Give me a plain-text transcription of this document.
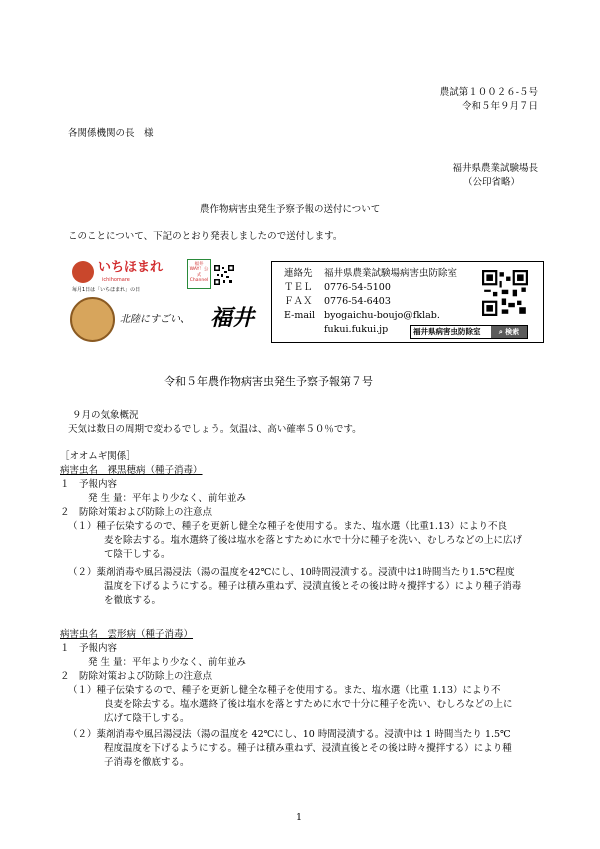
農試第１００２６-５号
令和５年９月７日
各関係機関の長　様
福井県農業試験場長
（公印省略）
農作物病害虫発生予察予報の送付について
このことについて、下記のとおり発表しましたので送付します。
いちほまれ
ichihomare
毎月1日は「いちほまれ」の日
福井WAY！公式Channel
北陸にすごい、 福井
連絡先 福井県農業試験場病害虫防除室
ＴＥＬ 0776-54-5100
ＦＡＸ 0776-54-6403
E-mail byogaichu-boujo@fklab.
fukui.fukui.jp	福井県病害虫防除室	⌕ 検索
令和５年農作物病害虫発生予察予報第７号
９月の気象概況
天気は数日の周期で変わるでしょう。気温は、高い確率５０％です。
［オオムギ関係］
病害虫名　裸黒穂病（種子消毒）
１　予報内容
発 生 量：平年より少なく、前年並み
２　防除対策および防除上の注意点
（１）種子伝染するので、種子を更新し健全な種子を使用する。また、塩水選（比重1.13）により不良
麦を除去する。塩水選終了後は塩水を落とすために水で十分に種子を洗い、むしろなどの上に広げ
て陰干しする。
（２）薬剤消毒や風呂湯浸法（湯の温度を42℃にし、10時間浸漬する。浸漬中は1時間当たり1.5℃程度
温度を下げるようにする。種子は積み重ねず、浸漬直後とその後は時々攪拌する）により種子消毒
を徹底する。
病害虫名　雲形病（種子消毒）
１　予報内容
発 生 量：平年より少なく、前年並み
２　防除対策および防除上の注意点
（１）種子伝染するので、種子を更新し健全な種子を使用する。また、塩水選（比重 1.13）により不
良麦を除去する。塩水選終了後は塩水を落とすために水で十分に種子を洗い、むしろなどの上に
広げて陰干しする。
（２）薬剤消毒や風呂湯浸法（湯の温度を 42℃にし、10 時間浸漬する。浸漬中は 1 時間当たり 1.5℃
程度温度を下げるようにする。種子は積み重ねず、浸漬直後とその後は時々攪拌する）により種
子消毒を徹底する。
1
